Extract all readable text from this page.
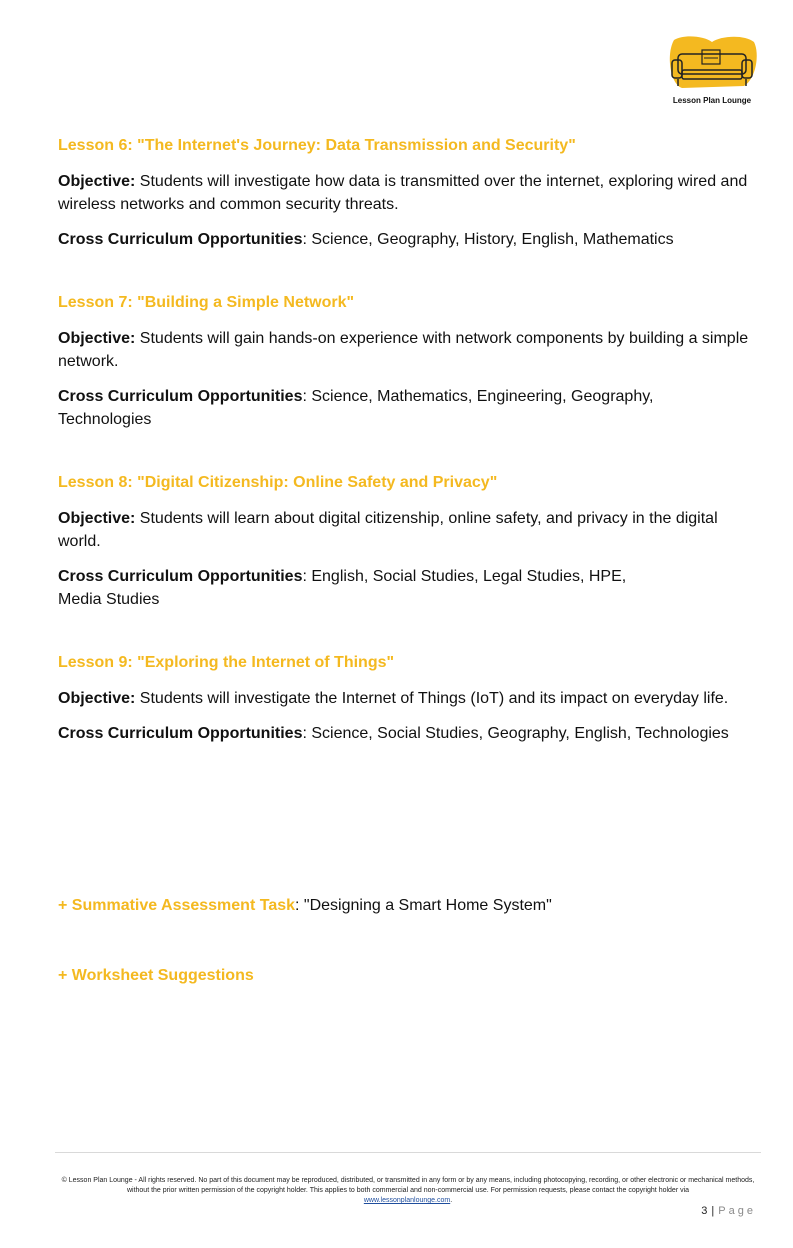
Lesson Plan Lounge
Lesson 6: "The Internet's Journey: Data Transmission and Security"

Objective: Students will investigate how data is transmitted over the internet, exploring wired and wireless networks and common security threats.

Cross Curriculum Opportunities: Science, Geography, History, English, Mathematics

Lesson 7: "Building a Simple Network"

Objective: Students will gain hands-on experience with network components by building a simple network.

Cross Curriculum Opportunities: Science, Mathematics, Engineering, Geography, Technologies

Lesson 8: "Digital Citizenship: Online Safety and Privacy"

Objective: Students will learn about digital citizenship, online safety, and privacy in the digital world.

Cross Curriculum Opportunities: English, Social Studies, Legal Studies, HPE,
Media Studies

Lesson 9: "Exploring the Internet of Things"

Objective: Students will investigate the Internet of Things (IoT) and its impact on everyday life.

Cross Curriculum Opportunities: Science, Social Studies, Geography, English, Technologies

+ Summative Assessment Task: "Designing a Smart Home System"
+ Worksheet Suggestions
© Lesson Plan Lounge - All rights reserved. No part of this document may be reproduced, distributed, or transmitted in any form or by any means, including photocopying, recording, or other electronic or mechanical methods, without the prior written permission of the copyright holder. This applies to both commercial and non-commercial use. For permission requests, please contact the copyright holder via
www.lessonplanlounge.com.
3 | Page
